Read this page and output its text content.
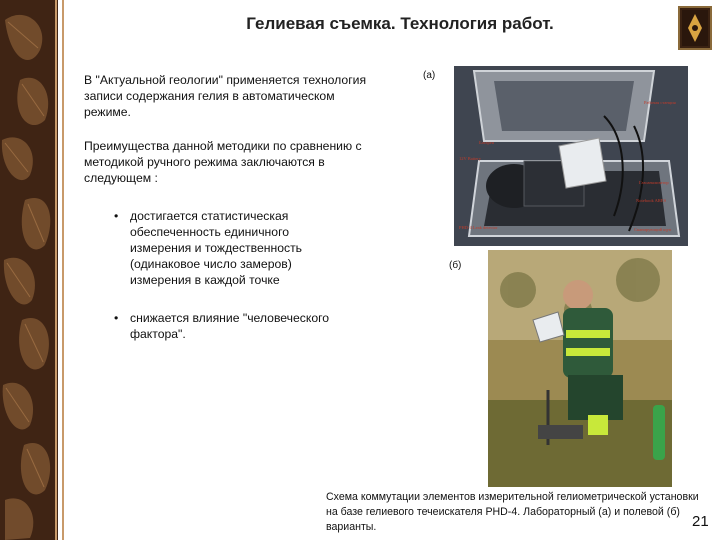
Гелиевая съемка. Технология работ.
В "Актуальной геологии" применяется технология записи содержания гелия в автоматическом режиме.
Преимущества данной методики по сравнению с методикой ручного режима заключаются в следующем :
• достигается статистическая обеспеченность единичного измерения и тождественность (одинаковое число замеров) измерения в каждой точке
• снижается влияние "человеческого фактора".
(а)
(б)
Рабочая станция
Батарея
12V Battery
Газоанализатор
Notebook ARES
PHD-4 Leak detector	Сканирующий щуп
Схема коммутации элементов измерительной гелиометрической установки на базе гелиевого течеискателя PHD-4. Лабораторный (а) и полевой (б) варианты.	21
